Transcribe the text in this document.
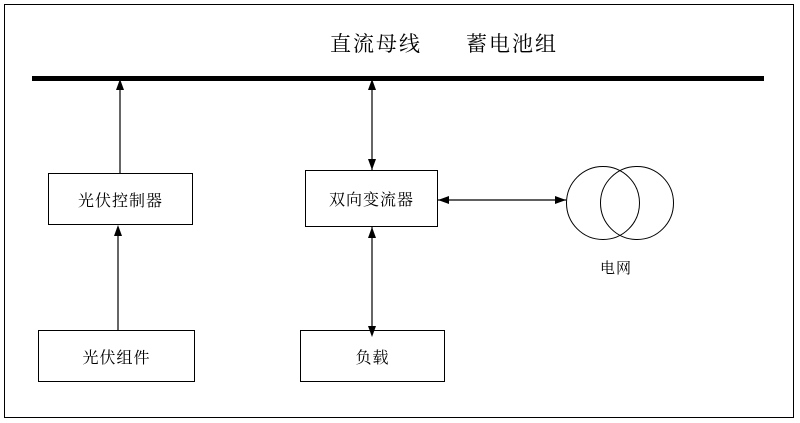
直流母线 蓄电池组
光伏控制器
光伏组件
双向变流器
负载
电网
